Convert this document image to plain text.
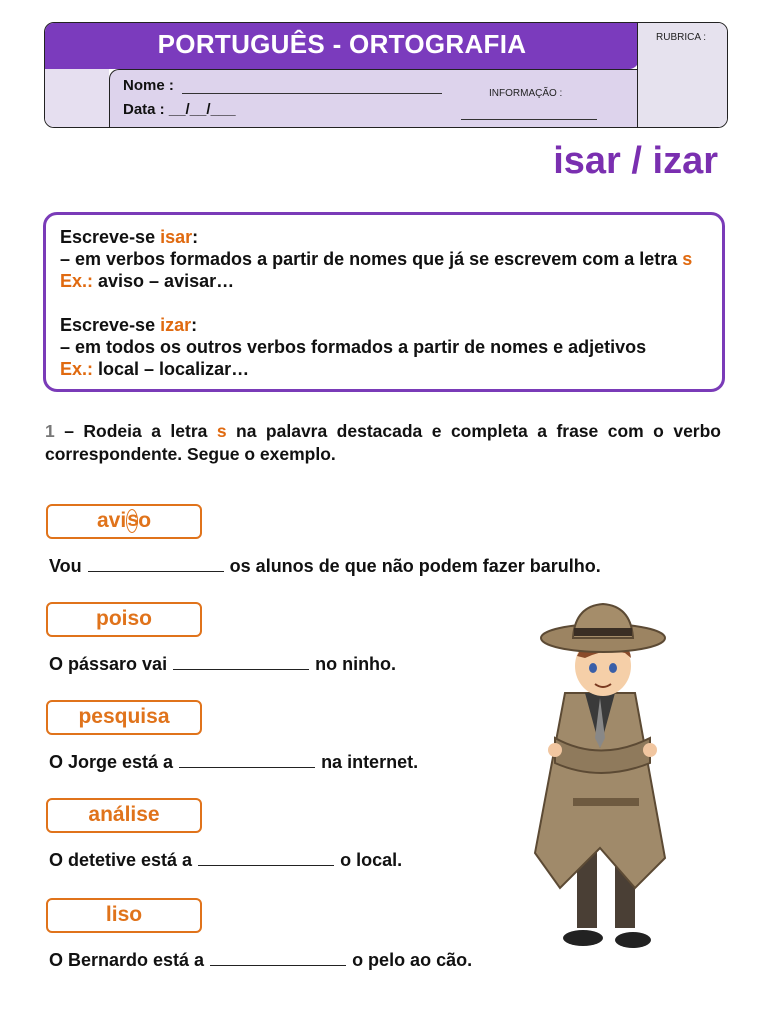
PORTUGUÊS - ORTOGRAFIA
Nome :
Data : __/__/___
INFORMAÇÃO :
RUBRICA :
isar / izar
Escreve-se isar:
– em verbos formados a partir de nomes que já se escrevem com a letra s
Ex.: aviso – avisar…
Escreve-se izar:
– em todos os outros verbos formados a partir de nomes e adjetivos
Ex.: local – localizar…
1 – Rodeia a letra s na palavra destacada e completa a frase com o verbo correspondente. Segue o exemplo.
aviso
Vou	os alunos de que não podem fazer barulho.
poiso
O pássaro vai	no ninho.
pesquisa
O Jorge está a	na internet.
análise
O detetive está a	o local.
liso
O Bernardo está a	o pelo ao cão.
